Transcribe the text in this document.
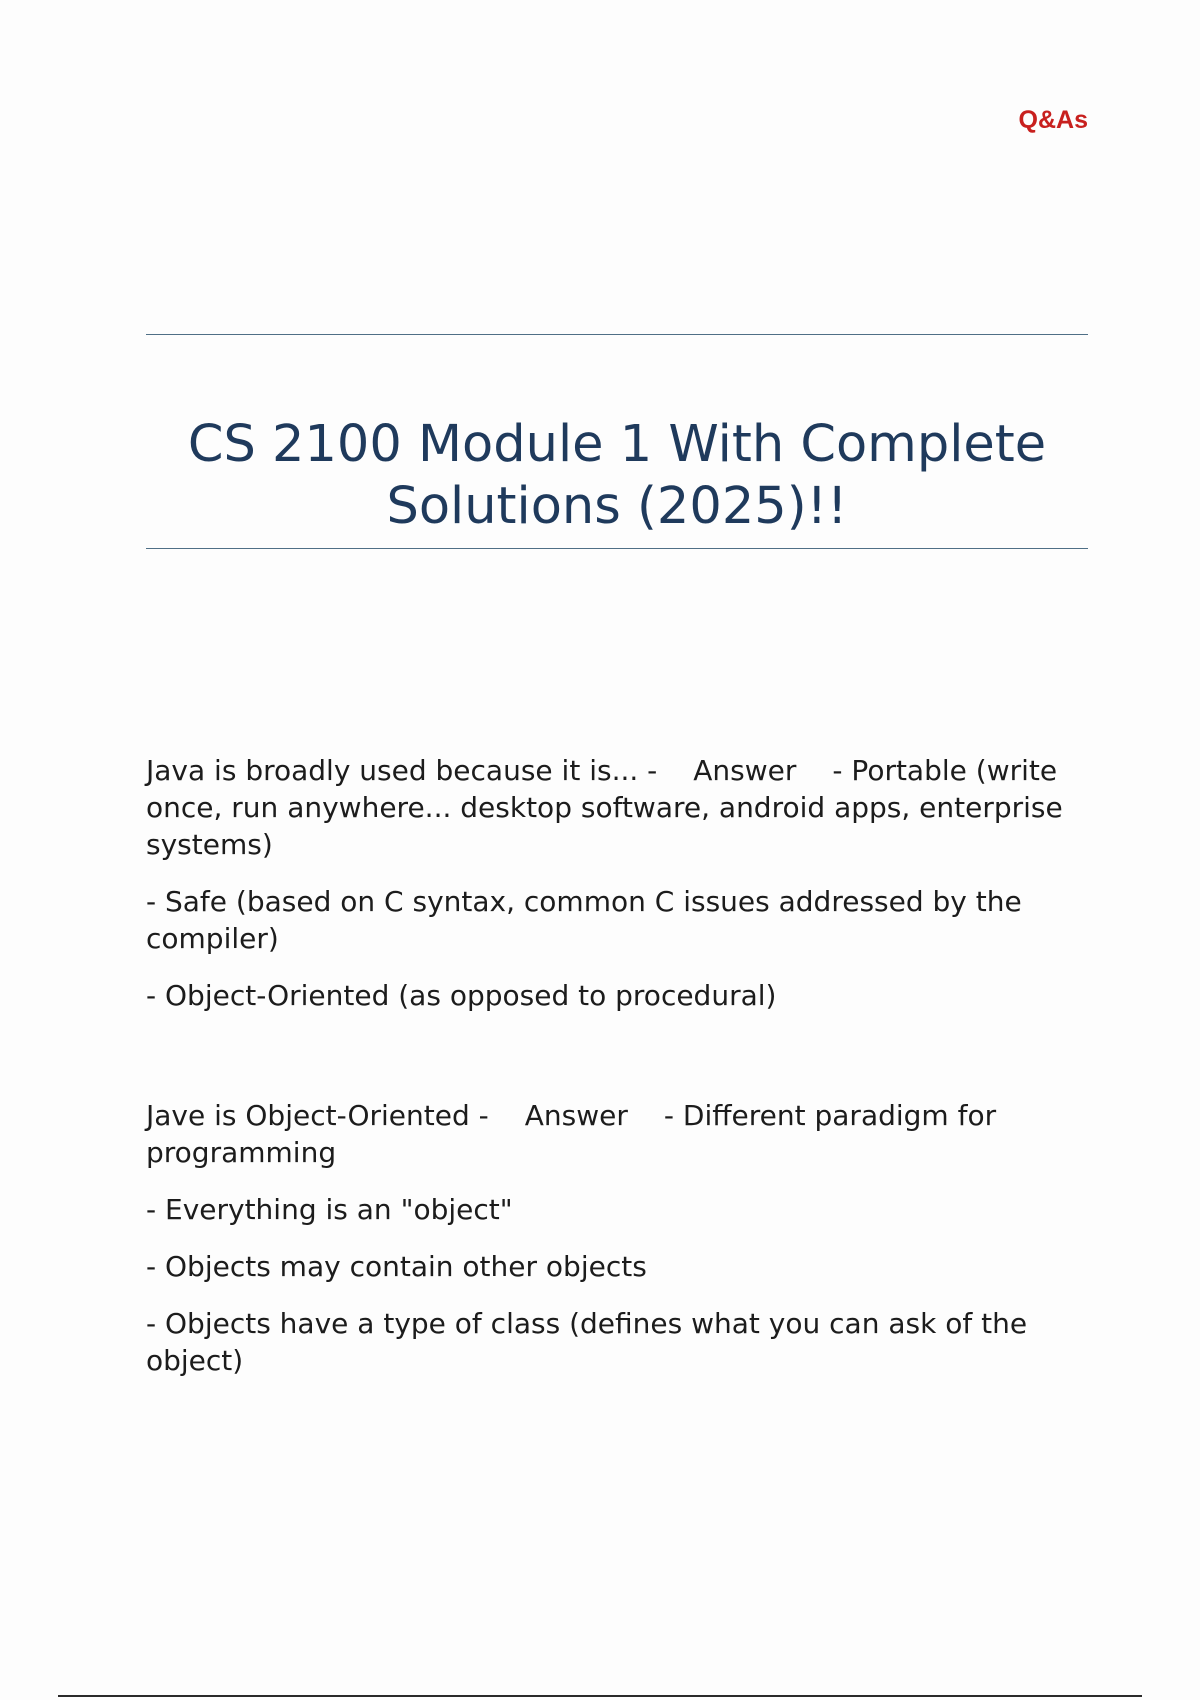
Q&As
CS 2100 Module 1 With Complete Solutions (2025)!!

Java is broadly used because it is... - Answer - Portable (write once, run anywhere... desktop software, android apps, enterprise systems)

- Safe (based on C syntax, common C issues addressed by the compiler)

- Object-Oriented (as opposed to procedural)

Jave is Object-Oriented - Answer - Different paradigm for programming

- Everything is an "object"

- Objects may contain other objects

- Objects have a type of class (defines what you can ask of the object)
